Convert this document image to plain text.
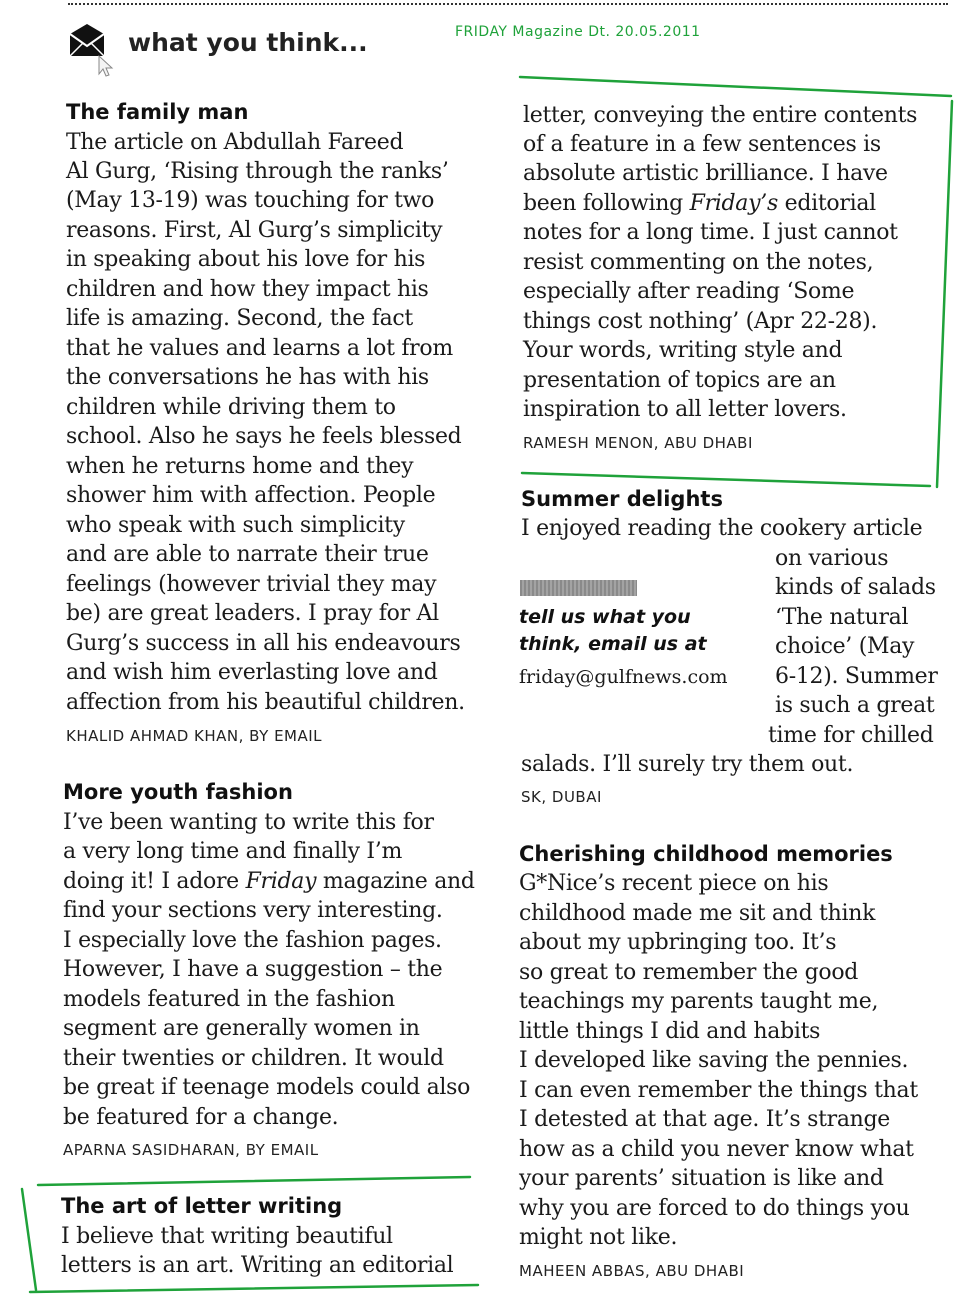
FRIDAY Magazine Dt. 20.05.2011
what you think...
The family man
The article on Abdullah Fareed
Al Gurg, ‘Rising through the ranks’
(May 13-19) was touching for two
reasons. First, Al Gurg’s simplicity
in speaking about his love for his
children and how they impact his
life is amazing. Second, the fact
that he values and learns a lot from
the conversations he has with his
children while driving them to
school. Also he says he feels blessed
when he returns home and they
shower him with affection. People
who speak with such simplicity
and are able to narrate their true
feelings (however trivial they may
be) are great leaders. I pray for Al
Gurg’s success in all his endeavours
and wish him everlasting love and
affection from his beautiful children.
KHALID AHMAD KHAN, BY EMAIL
More youth fashion
I’ve been wanting to write this for
a very long time and finally I’m
doing it! I adore Friday magazine and
find your sections very interesting.
I especially love the fashion pages.
However, I have a suggestion – the
models featured in the fashion
segment are generally women in
their twenties or children. It would
be great if teenage models could also
be featured for a change.
APARNA SASIDHARAN, BY EMAIL
The art of letter writing
I believe that writing beautiful
letters is an art. Writing an editorial
letter, conveying the entire contents
of a feature in a few sentences is
absolute artistic brilliance. I have
been following Friday’s editorial
notes for a long time. I just cannot
resist commenting on the notes,
especially after reading ‘Some
things cost nothing’ (Apr 22-28).
Your words, writing style and
presentation of topics are an
inspiration to all letter lovers.
RAMESH MENON, ABU DHABI
Summer delights
I enjoyed reading the cookery article
on various
kinds of salads
‘The natural
choice’ (May
6-12). Summer
is such a great
time for chilled
salads. I’ll surely try them out.
SK, DUBAI
tell us what you
think, email us at
friday@gulfnews.com
Cherishing childhood memories
G*Nice’s recent piece on his
childhood made me sit and think
about my upbringing too. It’s
so great to remember the good
teachings my parents taught me,
little things I did and habits
I developed like saving the pennies.
I can even remember the things that
I detested at that age. It’s strange
how as a child you never know what
your parents’ situation is like and
why you are forced to do things you
might not like.
MAHEEN ABBAS, ABU DHABI
